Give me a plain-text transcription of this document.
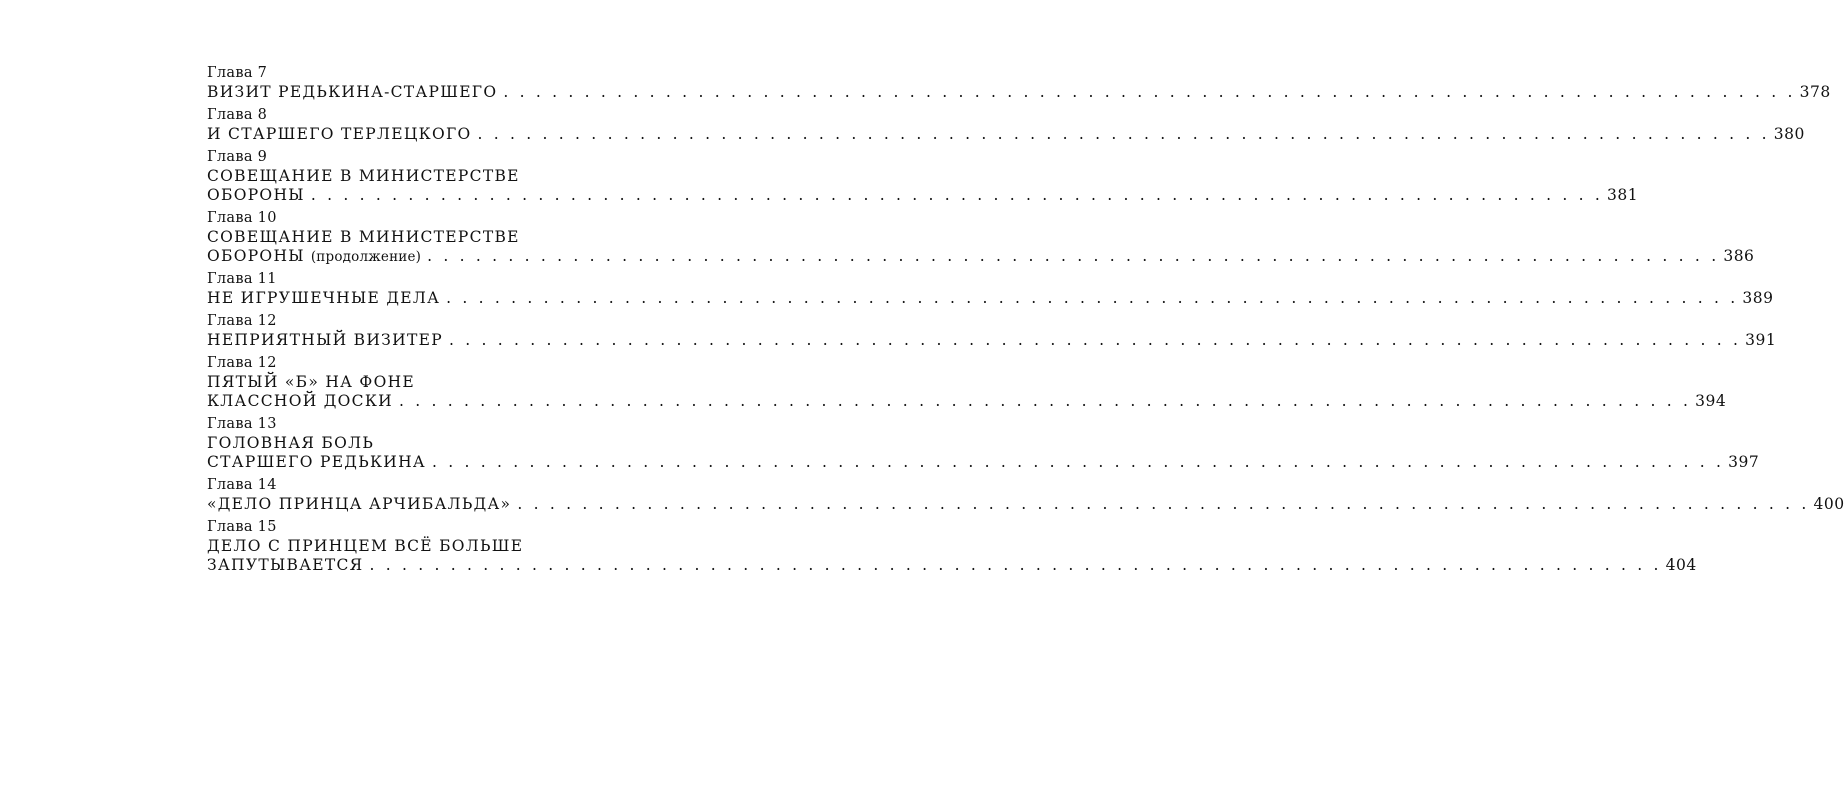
Глава 7
ВИЗИТ РЕДЬКИНА-СТАРШЕГО . . . . . . . . . . . . . . . . . . . . . . . . . . . . . . . . . . . . . . . . . . . . . . . . . . . . . . . . . . . . . . . . . . . . . . . . . . . . . . . . 378
Глава 8
И СТАРШЕГО ТЕРЛЕЦКОГО . . . . . . . . . . . . . . . . . . . . . . . . . . . . . . . . . . . . . . . . . . . . . . . . . . . . . . . . . . . . . . . . . . . . . . . . . . . . . . . . 380
Глава 9
СОВЕЩАНИЕ В МИНИСТЕРСТВЕ
ОБОРОНЫ . . . . . . . . . . . . . . . . . . . . . . . . . . . . . . . . . . . . . . . . . . . . . . . . . . . . . . . . . . . . . . . . . . . . . . . . . . . . . . . . 381
Глава 10
СОВЕЩАНИЕ В МИНИСТЕРСТВЕ
ОБОРОНЫ (продолжение) . . . . . . . . . . . . . . . . . . . . . . . . . . . . . . . . . . . . . . . . . . . . . . . . . . . . . . . . . . . . . . . . . . . . . . . . . . . . . . . . 386
Глава 11
НЕ ИГРУШЕЧНЫЕ ДЕЛА . . . . . . . . . . . . . . . . . . . . . . . . . . . . . . . . . . . . . . . . . . . . . . . . . . . . . . . . . . . . . . . . . . . . . . . . . . . . . . . . 389
Глава 12
НЕПРИЯТНЫЙ ВИЗИТЕР . . . . . . . . . . . . . . . . . . . . . . . . . . . . . . . . . . . . . . . . . . . . . . . . . . . . . . . . . . . . . . . . . . . . . . . . . . . . . . . . 391
Глава 12
ПЯТЫЙ «Б» НА ФОНЕ
КЛАССНОЙ ДОСКИ . . . . . . . . . . . . . . . . . . . . . . . . . . . . . . . . . . . . . . . . . . . . . . . . . . . . . . . . . . . . . . . . . . . . . . . . . . . . . . . . 394
Глава 13
ГОЛОВНАЯ БОЛЬ
СТАРШЕГО РЕДЬКИНА . . . . . . . . . . . . . . . . . . . . . . . . . . . . . . . . . . . . . . . . . . . . . . . . . . . . . . . . . . . . . . . . . . . . . . . . . . . . . . . . 397
Глава 14
«ДЕЛО ПРИНЦА АРЧИБАЛЬДА» . . . . . . . . . . . . . . . . . . . . . . . . . . . . . . . . . . . . . . . . . . . . . . . . . . . . . . . . . . . . . . . . . . . . . . . . . . . . . . . . 400
Глава 15
ДЕЛО С ПРИНЦЕМ ВСЁ БОЛЬШЕ
ЗАПУТЫВАЕТСЯ . . . . . . . . . . . . . . . . . . . . . . . . . . . . . . . . . . . . . . . . . . . . . . . . . . . . . . . . . . . . . . . . . . . . . . . . . . . . . . . . 404
